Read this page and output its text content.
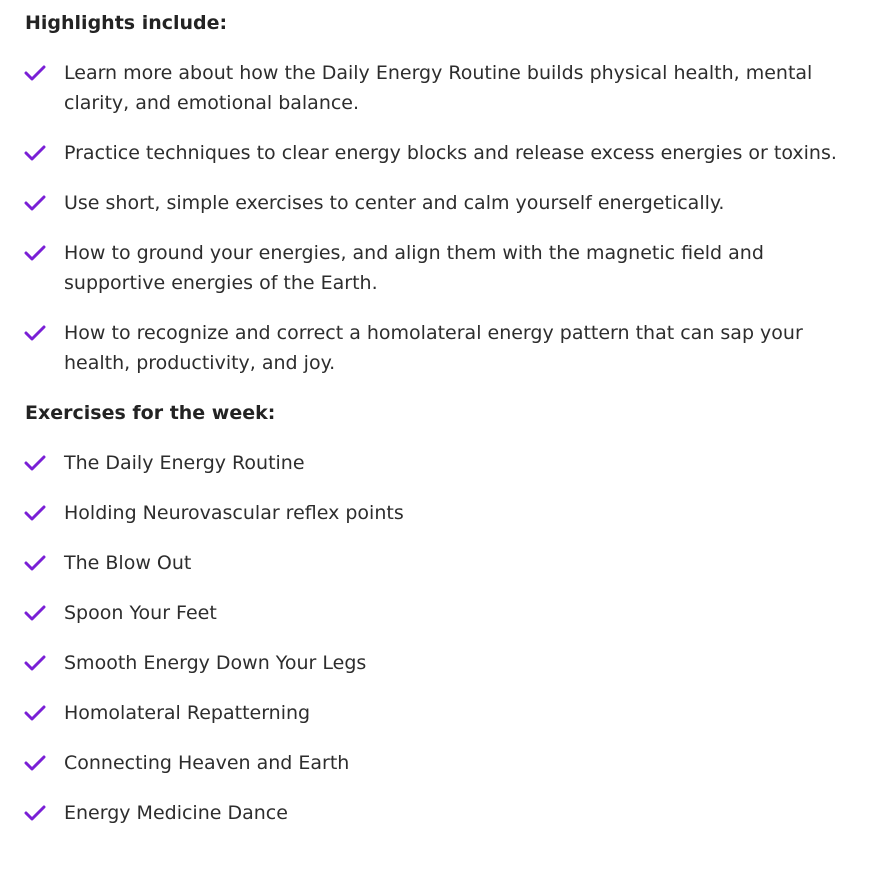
Highlights include:
Learn more about how the Daily Energy Routine builds physical health, mental clarity, and emotional balance.
Practice techniques to clear energy blocks and release excess energies or toxins.
Use short, simple exercises to center and calm yourself energetically.
How to ground your energies, and align them with the magnetic field and supportive energies of the Earth.
How to recognize and correct a homolateral energy pattern that can sap your health, productivity, and joy.
Exercises for the week:
The Daily Energy Routine
Holding Neurovascular reflex points
The Blow Out
Spoon Your Feet
Smooth Energy Down Your Legs
Homolateral Repatterning
Connecting Heaven and Earth
Energy Medicine Dance
